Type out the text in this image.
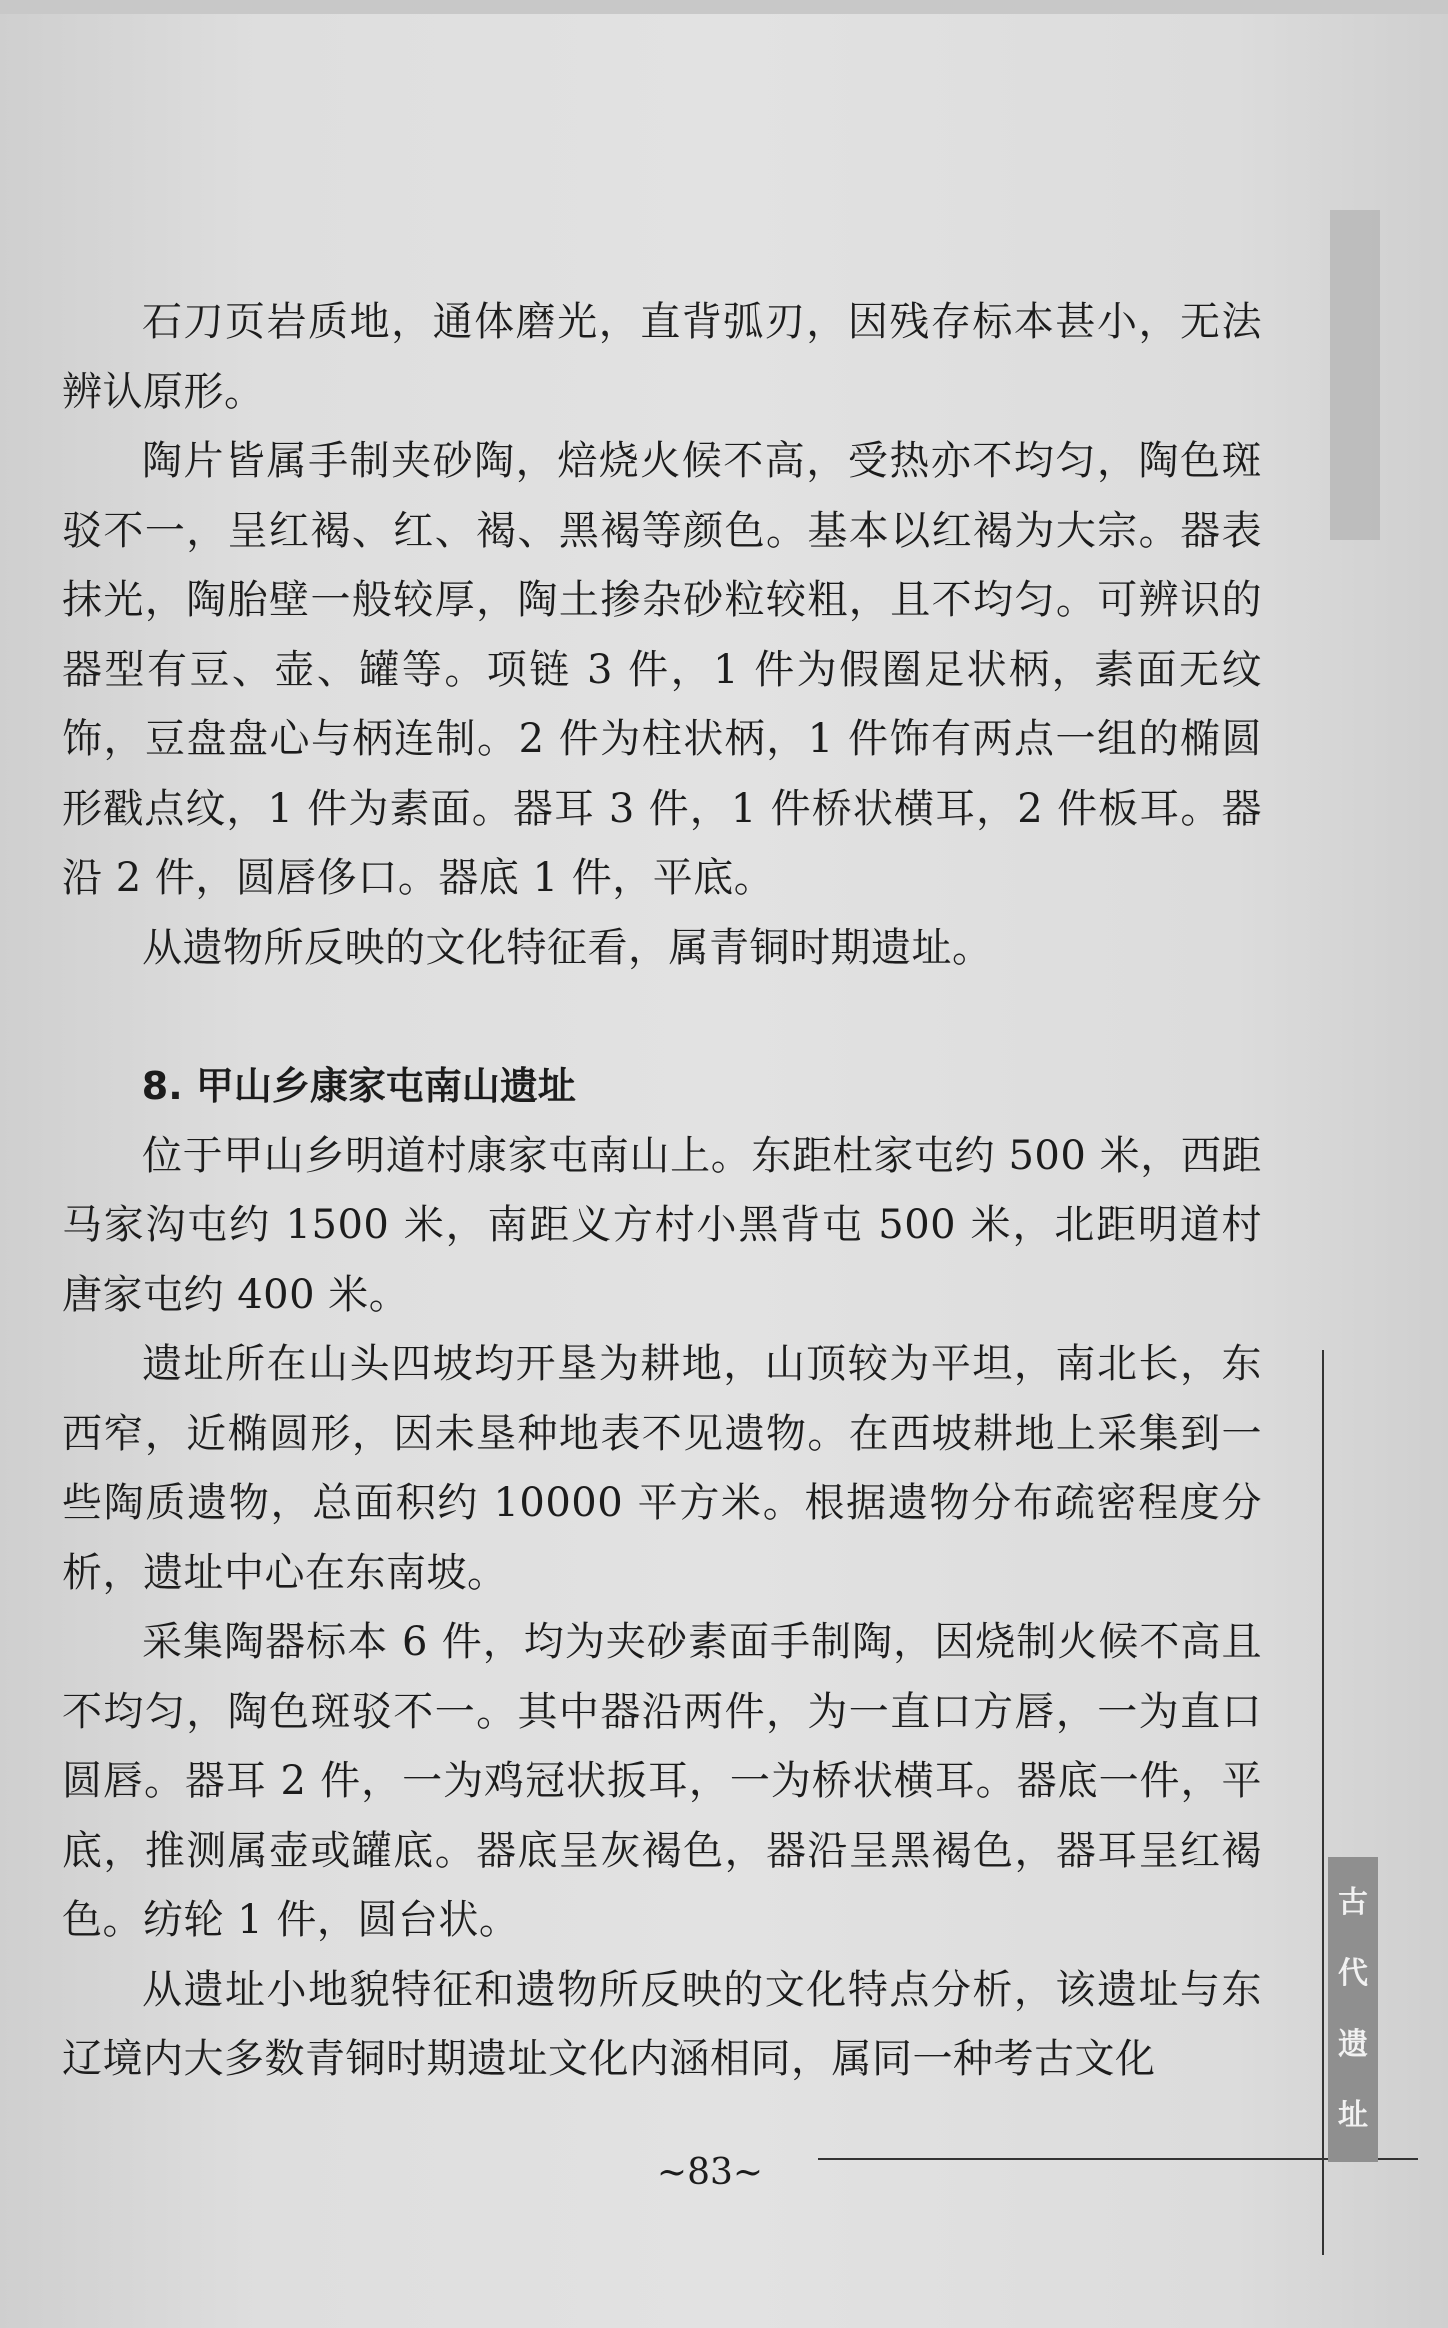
石刀页岩质地，通体磨光，直背弧刃，因残存标本甚小，无法辨认原形。

陶片皆属手制夹砂陶，焙烧火候不高，受热亦不均匀，陶色斑驳不一，呈红褐、红、褐、黑褐等颜色。基本以红褐为大宗。器表抹光，陶胎壁一般较厚，陶土掺杂砂粒较粗，且不均匀。可辨识的器型有豆、壶、罐等。项链 3 件，1 件为假圈足状柄，素面无纹饰，豆盘盘心与柄连制。2 件为柱状柄，1 件饰有两点一组的椭圆形戳点纹，1 件为素面。器耳 3 件，1 件桥状横耳，2 件板耳。器沿 2 件，圆唇侈口。器底 1 件，平底。

从遗物所反映的文化特征看，属青铜时期遗址。

8. 甲山乡康家屯南山遗址

位于甲山乡明道村康家屯南山上。东距杜家屯约 500 米，西距马家沟屯约 1500 米，南距义方村小黑背屯 500 米，北距明道村唐家屯约 400 米。

遗址所在山头四坡均开垦为耕地，山顶较为平坦，南北长，东西窄，近椭圆形，因未垦种地表不见遗物。在西坡耕地上采集到一些陶质遗物，总面积约 10000 平方米。根据遗物分布疏密程度分析，遗址中心在东南坡。

采集陶器标本 6 件，均为夹砂素面手制陶，因烧制火候不高且不均匀，陶色斑驳不一。其中器沿两件，为一直口方唇，一为直口圆唇。器耳 2 件，一为鸡冠状扳耳，一为桥状横耳。器底一件，平底，推测属壶或罐底。器底呈灰褐色，器沿呈黑褐色，器耳呈红褐色。纺轮 1 件，圆台状。

从遗址小地貌特征和遗物所反映的文化特点分析，该遗址与东辽境内大多数青铜时期遗址文化内涵相同，属同一种考古文化

~83~
古
代
遗
址
